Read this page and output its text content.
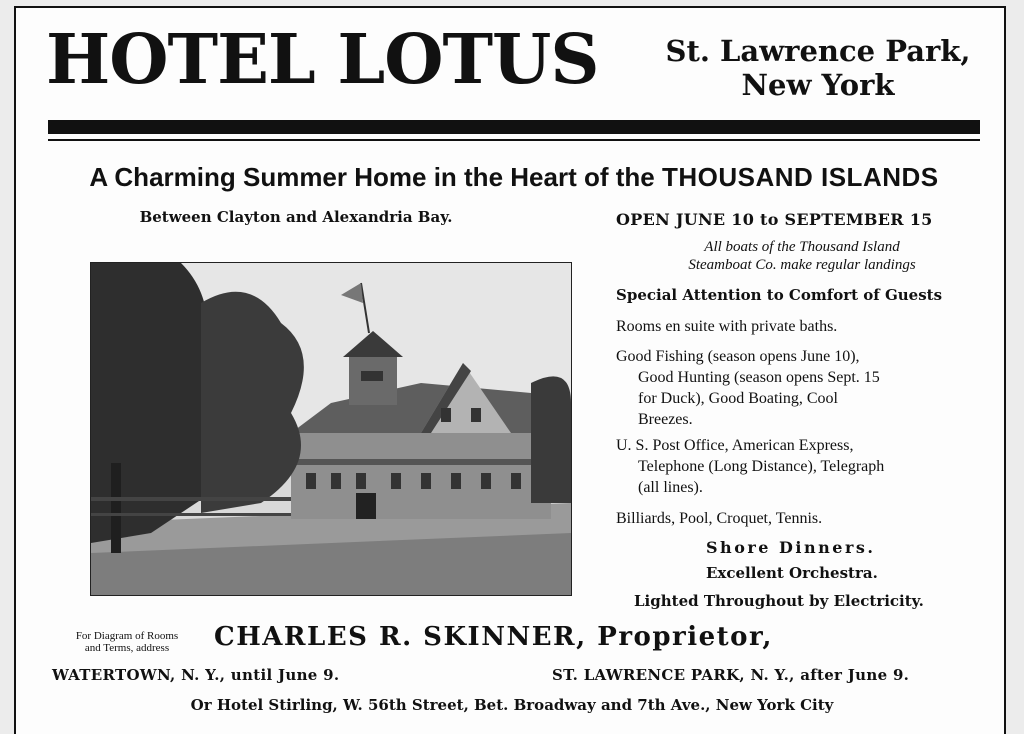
HOTEL LOTUS	St. Lawrence Park,
New York
A Charming Summer Home in the Heart of the THOUSAND ISLANDS
Between Clayton and Alexandria Bay.	OPEN JUNE 10 to SEPTEMBER 15
All boats of the Thousand Island
Steamboat Co. make regular landings
Special Attention to Comfort of Guests
Rooms en suite with private baths.
Good Fishing (season opens June 10),
Good Hunting (season opens Sept. 15
for Duck), Good Boating, Cool
Breezes.
U. S. Post Office, American Express,
Telephone (Long Distance), Telegraph
(all lines).
Billiards, Pool, Croquet, Tennis.
Shore Dinners.
Excellent Orchestra.
Lighted Throughout by Electricity.
For Diagram of Rooms
and Terms, address	CHARLES R. SKINNER, Proprietor,
WATERTOWN, N. Y., until June 9.	ST. LAWRENCE PARK, N. Y., after June 9.
Or Hotel Stirling, W. 56th Street, Bet. Broadway and 7th Ave., New York City
